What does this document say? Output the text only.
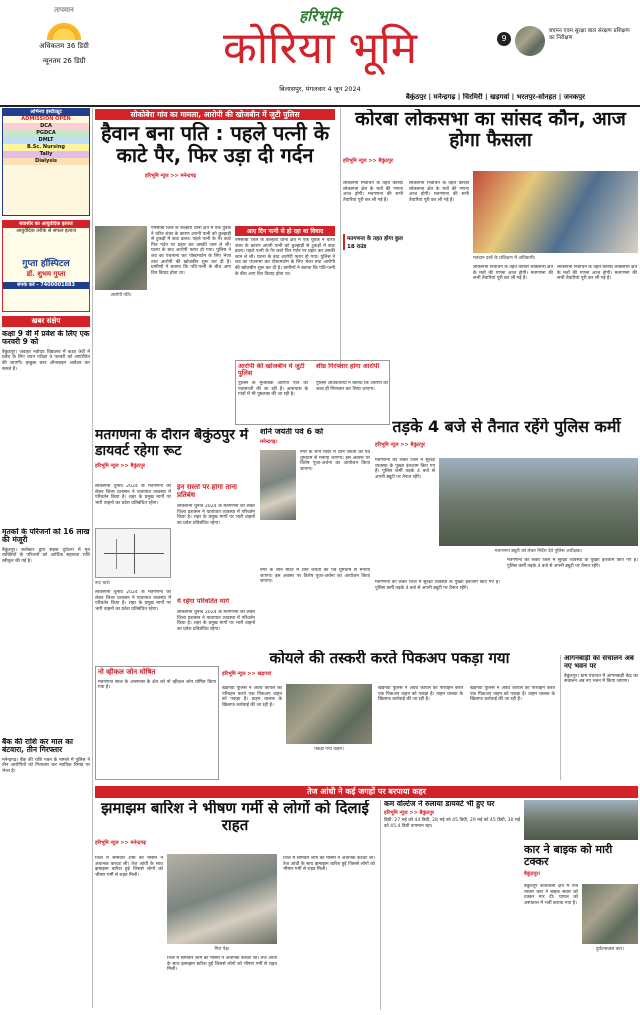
तापमान
अधिकतम 36 डिग्री
न्यूनतम 26 डिग्री
हरिभूमि
कोरिया भूमि	9
बचपन एवम सुरक्षा बाल संरक्षण प्रशिक्षण का निरीक्षण
बिलासपुर, मंगलवार 4 जून 2024
बैकुंठपुर | मनेन्द्रगढ़ | चिरमिरी | खड़गवां | भरतपुर-सोनहत | जनकपुर
अभिनव इंस्टीट्यूट
ADMISSION OPEN
DCA
PGDCA
DMLT
B.Sc. Nursing
Tally
Dialysis
बवासीर का आयुर्वेदिक इलाज
आयुर्वेदिक तरीके से सफल इलाज
गुप्ता हॉस्पिटल
डॉ. शुभम गुप्ता
संपर्क करें - 7400001883
खबर संक्षेप
कक्षा 9 वीं में प्रवेश के लिए एक फरवरी 9 को
बैकुंठपुर। जवाहर नवोदय विद्यालय में कक्षा 9वीं में प्रवेश के लिए चयन परीक्षा 9 फरवरी को आयोजित की जाएगी। इच्छुक छात्र ऑनलाइन आवेदन कर सकते हैं।
मृतकों के परिजनों को 16 लाख की मंजूरी
बैकुंठपुर। कलेक्टर द्वारा सड़क दुर्घटना में मृत व्यक्तियों के परिजनों को आर्थिक सहायता राशि स्वीकृत की गई है।
बैंक की राशि कर माल का बंटवारा, तीन गिरफ्तार
मनेन्द्रगढ़। बैंक की राशि गबन के मामले में पुलिस ने तीन आरोपियों को गिरफ्तार कर न्यायिक रिमांड पर भेजा है।
सोकोबेरा गांव का मामला, आरोपी की खोजबीन में जुटी पुलिस
हैवान बना पति : पहले पत्नी के काटे पैर, फिर उड़ा दी गर्दन
हरिभूमि न्यूज >> मनेन्द्रगढ़
आरोपी पति।
एमसीबी जिले के केल्हारी थाना क्षेत्र में एक युवक ने चरित्र शंका के कारण अपनी पत्नी को कुल्हाड़ी से टुकड़ों में काट डाला। पहले पत्नी के पैर काटे फिर गर्दन पर प्रहार कर उसकी जान ले ली। घटना के बाद आरोपी फरार हो गया। पुलिस ने शव का पंचनामा कर पोस्टमार्टम के लिए भेजा तथा आरोपी की खोजबीन शुरू कर दी है। ग्रामीणों ने बताया कि पति-पत्नी के बीच आए दिन विवाद होता था।
आए दिन पत्नी से हो रहा था विवाद
एमसीबी जिले के केल्हारी थाना क्षेत्र में एक युवक ने चरित्र शंका के कारण अपनी पत्नी को कुल्हाड़ी से टुकड़ों में काट डाला। पहले पत्नी के पैर काटे फिर गर्दन पर प्रहार कर उसकी जान ले ली। घटना के बाद आरोपी फरार हो गया। पुलिस ने शव का पंचनामा कर पोस्टमार्टम के लिए भेजा तथा आरोपी की खोजबीन शुरू कर दी है। ग्रामीणों ने बताया कि पति-पत्नी के बीच आए दिन विवाद होता था।
कोरबा लोकसभा का सांसद कौन, आज होगा फैसला
हरिभूमि न्यूज >> बैकुंठपुर
लोकसभा निर्वाचन के तहत कोरबा लोकसभा क्षेत्र के मतों की गणना आज होगी। मतगणना की सभी तैयारियां पूरी कर ली गई हैं।
मतगणना के तहत होगा कुल 18 राउंड
लोकसभा निर्वाचन के तहत कोरबा लोकसभा क्षेत्र के मतों की गणना आज होगी। मतगणना की सभी तैयारियां पूरी कर ली गई हैं।
मतदान दलों के प्रशिक्षण में अधिकारी।
लोकसभा निर्वाचन के तहत कोरबा लोकसभा क्षेत्र के मतों की गणना आज होगी। मतगणना की सभी तैयारियां पूरी कर ली गई हैं।
लोकसभा निर्वाचन के तहत कोरबा लोकसभा क्षेत्र के मतों की गणना आज होगी। मतगणना की सभी तैयारियां पूरी कर ली गई हैं।
आरोपी की खोजबीन में जुटी पुलिस
पुलिस के मुताबिक आरोपी पति की पतासाजी की जा रही है। आसपास के गांवों में भी पूछताछ की जा रही है।
शीघ्र गिरफ्तार होगा आरोपी
पुलिस अधिकारियों ने बताया कि आरोपी को जल्द ही गिरफ्तार कर लिया जाएगा।
मतगणना के दौरान बैकुंठपुर में डायवर्ट रहेगा रूट
हरिभूमि न्यूज >> बैकुंठपुर
लोकसभा चुनाव 2024 के मतगणना को लेकर जिला प्रशासन ने यातायात व्यवस्था में परिवर्तन किया है। शहर के प्रमुख मार्गों पर भारी वाहनों का प्रवेश प्रतिबंधित रहेगा।
रूट चार्ट।
लोकसभा चुनाव 2024 के मतगणना को लेकर जिला प्रशासन ने यातायात व्यवस्था में परिवर्तन किया है। शहर के प्रमुख मार्गों पर भारी वाहनों का प्रवेश प्रतिबंधित रहेगा।
इन रास्तों पर होगा ताना प्रतिबंध
लोकसभा चुनाव 2024 के मतगणना को लेकर जिला प्रशासन ने यातायात व्यवस्था में परिवर्तन किया है। शहर के प्रमुख मार्गों पर भारी वाहनों का प्रवेश प्रतिबंधित रहेगा।
ये रहेगा परिवर्तित मार्ग
लोकसभा चुनाव 2024 के मतगणना को लेकर जिला प्रशासन ने यातायात व्यवस्था में परिवर्तन किया है। शहर के प्रमुख मार्गों पर भारी वाहनों का प्रवेश प्रतिबंधित रहेगा।
शनि जयंती पर्व 6 को
मनेन्द्रगढ़।
नगर के शनि मंदिर में शनि जयंती का पर्व धूमधाम से मनाया जाएगा। इस अवसर पर विशेष पूजा-अर्चना का आयोजन किया जाएगा।
नगर के शनि मंदिर में शनि जयंती का पर्व धूमधाम से मनाया जाएगा। इस अवसर पर विशेष पूजा-अर्चना का आयोजन किया जाएगा।
तड़के 4 बजे से तैनात रहेंगे पुलिस कर्मी
हरिभूमि न्यूज >> बैकुंठपुर
मतगणना को लेकर जिले में सुरक्षा व्यवस्था के पुख्ता इंतजाम किए गए हैं। पुलिस कर्मी तड़के 4 बजे से अपनी ड्यूटी पर तैनात रहेंगे।
मतगणना ड्यूटी को लेकर निर्देश देते पुलिस अधीक्षक।
मतगणना को लेकर जिले में सुरक्षा व्यवस्था के पुख्ता इंतजाम किए गए हैं। पुलिस कर्मी तड़के 4 बजे से अपनी ड्यूटी पर तैनात रहेंगे।
मतगणना को लेकर जिले में सुरक्षा व्यवस्था के पुख्ता इंतजाम किए गए हैं। पुलिस कर्मी तड़के 4 बजे से अपनी ड्यूटी पर तैनात रहेंगे।
आंगनबाड़ी का संचालन अब नए भवन पर
बैकुंठपुर। ग्राम पंचायत में आंगनबाड़ी केंद्र का संचालन अब नए भवन में किया जाएगा।
कोयले की तस्करी करते पिकअप पकड़ा गया
हरिभूमि न्यूज >> खड़गवां
खड़गवां पुलिस ने अवैध कोयले का परिवहन करते एक पिकअप वाहन को पकड़ा है। वाहन चालक के खिलाफ कार्रवाई की जा रही है।
पकड़ा गया वाहन।
खड़गवां पुलिस ने अवैध कोयले का परिवहन करते एक पिकअप वाहन को पकड़ा है। वाहन चालक के खिलाफ कार्रवाई की जा रही है।
खड़गवां पुलिस ने अवैध कोयले का परिवहन करते एक पिकअप वाहन को पकड़ा है। वाहन चालक के खिलाफ कार्रवाई की जा रही है।
नो व्हीकल जोन घोषित
मतगणना स्थल के आसपास के क्षेत्र को नो व्हीकल जोन घोषित किया गया है।
तेज आंधी ने कई जगहों पर बरपाया कहर
झमाझम बारिश ने भीषण गर्मी से लोगों को दिलाई राहत
हरिभूमि न्यूज >> मनेन्द्रगढ़
जिले में सोमवार शाम को मौसम ने अचानक करवट ली। तेज आंधी के साथ झमाझम बारिश हुई जिससे लोगों को भीषण गर्मी से राहत मिली।
गिरा पेड़।
जिले में सोमवार शाम को मौसम ने अचानक करवट ली। तेज आंधी के साथ झमाझम बारिश हुई जिससे लोगों को भीषण गर्मी से राहत मिली।
जिले में सोमवार शाम को मौसम ने अचानक करवट ली। तेज आंधी के साथ झमाझम बारिश हुई जिससे लोगों को भीषण गर्मी से राहत मिली।
कम वोल्टेज ने रुलाया डायवर्ट भी हुए घर
हरिभूमि न्यूज >> बैकुंठपुर
डिग्री, 27 मई को 44 डिग्री, 28 मई को 45 डिग्री, 29 मई को 45 डिग्री, 30 मई को 45.4 डिग्री तापमान रहा।
कार ने बाइक को मारी टक्कर
बैकुंठपुर।
बैकुंठपुर कोतवाली क्षेत्र में तेज रफ्तार कार ने बाइक सवार को टक्कर मार दी। घायल को अस्पताल में भर्ती कराया गया है।
दुर्घटनाग्रस्त कार।
